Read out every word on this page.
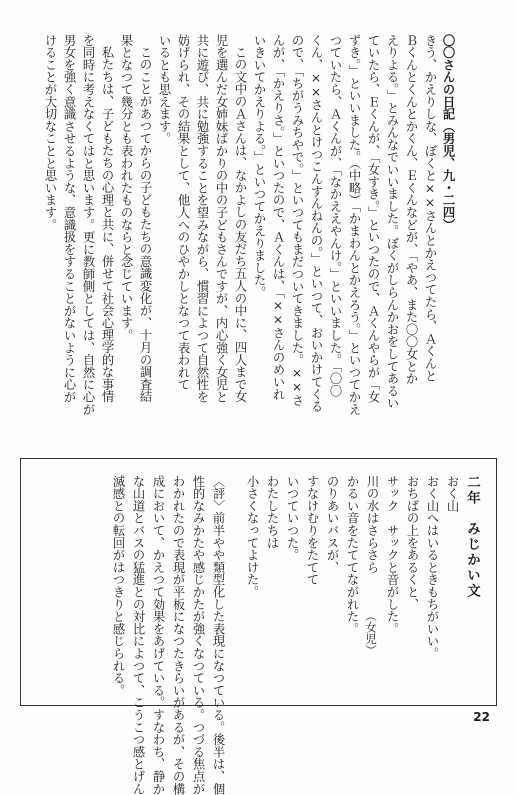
〇〇さんの日記（男児、九・二四）
きう、かえりしな、ぼくと××さんとかえつてたら、Ａくんと
Ｂくんとくんとかくん、Ｅくんなどが、「やあ、また〇〇女とか
えりよる。」とみんなでいいました。ぼくがしらんかおをしてあるい
ていたら、Ｅくんが、「女すき。」といつたので、Ａくんやらが「女
ずき。」といいました。（中略）「かまわんとかえろう。」といつてかえ
つていたら、Ａくんが、「なかええやんけ。」といいました。「〇〇
くん、××さんとけつこんすんねんの。」といつて、おいかけてくる
ので、「ちがうみちやで。」といつてもまだついてきました。××さ
んが、「かえりさ。」といつたので、Ａくんは、「××さんのめいれ
いきいてかえりよる。」といつてかえりました。
この文中のＡさんは、なかよしの友だち五人の中に、四人まで女
児を選んだ女姉妹ばかりの中の子どもさんですが、内心強く女児と
共に遊び、共に勉強することを望みながら、慣習によつて自然性を
妨げられ、その結果として、他人へのひやかしとなつて表われて
いるとも思えます。
このことがあつてからの子どもたちの意識変化が、十月の調査結
果となつて幾分とも表われたものならと念じています。
私たちは、子どもたちの心理と共に、併せて社会心理学的な事情
を同時に考えなくてはと思います。更に教師側としては、自然に心が
男女を強く意識させるような、意識扱をすることがないように心が
けることが大切なことと思います。
二年　みじかい文
おく山
おく山へはいるときもちがいい。
おちばの上をあるくと、
サック　サックと音がした。
川の水はさらさら
かるい音をたててながれた。
のりあいバスが、
すなけむりをたてて
いつていつた。
わたしたちは
小さくなってよけた。
〈評〉前半やや類型化した表現になつている。後半は、個
性的なみかたや感じかたが強くなつている。つづる焦点が
わかれたので表現が平板になつたきらいがあるが、その構
成において、かえつて効果をあげている。すなわち、静か
な山道とバスの猛進との対比によつて、こうこつ感とげん
滅感との転回がはつきりと感じられる。	（女児）
22
